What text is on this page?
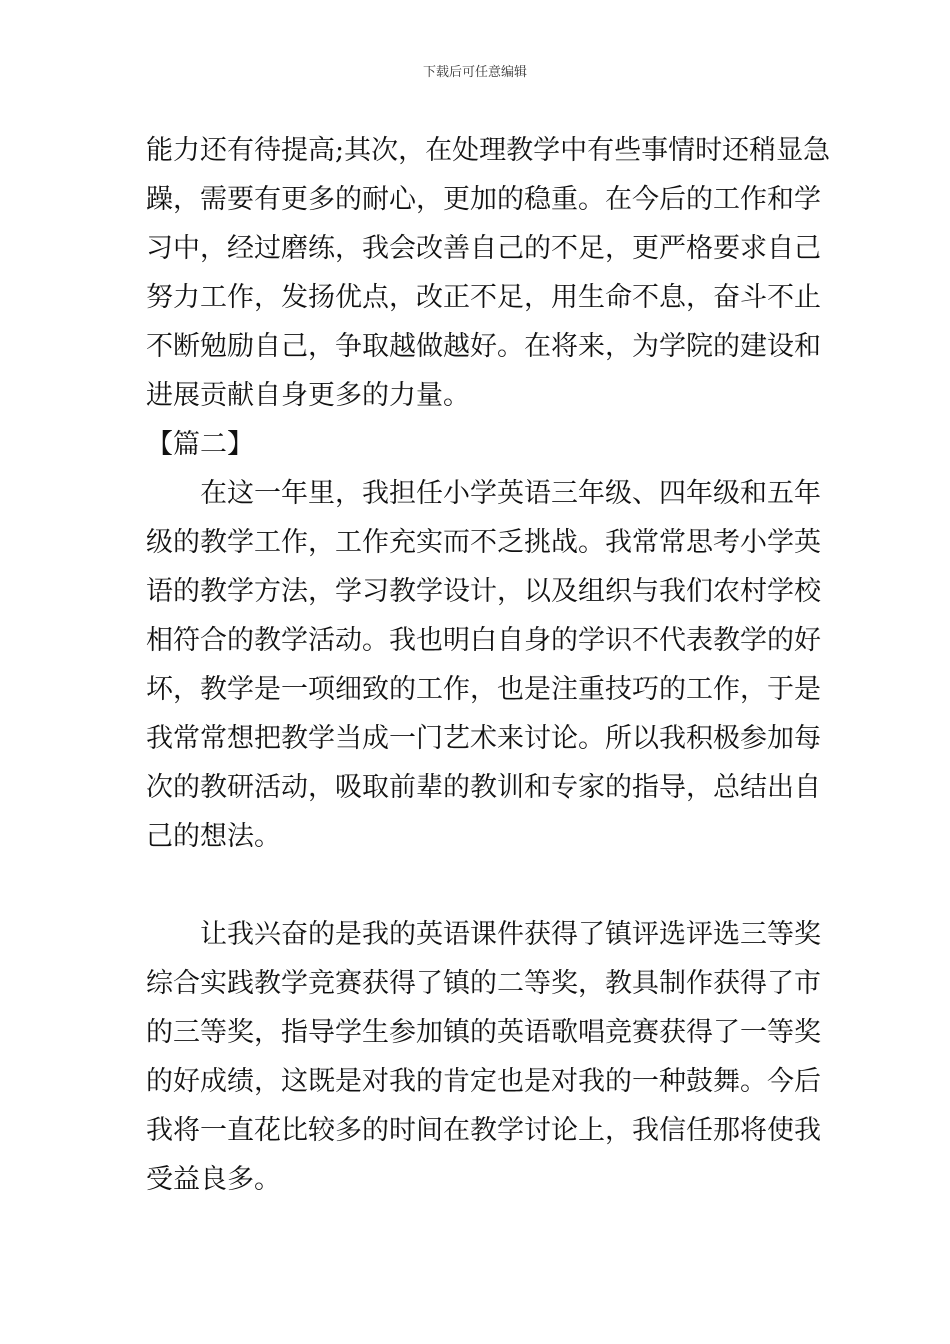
下载后可任意编辑
能力还有待提高;其次，在处理教学中有些事情时还稍显急
躁，需要有更多的耐心，更加的稳重。在今后的工作和学
习中，经过磨练，我会改善自己的不足，更严格要求自己
努力工作，发扬优点，改正不足，用生命不息，奋斗不止
不断勉励自己，争取越做越好。在将来，为学院的建设和
进展贡献自身更多的力量。
【篇二】
在这一年里，我担任小学英语三年级、四年级和五年
级的教学工作，工作充实而不乏挑战。我常常思考小学英
语的教学方法，学习教学设计，以及组织与我们农村学校
相符合的教学活动。我也明白自身的学识不代表教学的好
坏，教学是一项细致的工作，也是注重技巧的工作，于是
我常常想把教学当成一门艺术来讨论。所以我积极参加每
次的教研活动，吸取前辈的教训和专家的指导，总结出自
己的想法。
让我兴奋的是我的英语课件获得了镇评选评选三等奖
综合实践教学竞赛获得了镇的二等奖，教具制作获得了市
的三等奖，指导学生参加镇的英语歌唱竞赛获得了一等奖
的好成绩，这既是对我的肯定也是对我的一种鼓舞。今后
我将一直花比较多的时间在教学讨论上，我信任那将使我
受益良多。
